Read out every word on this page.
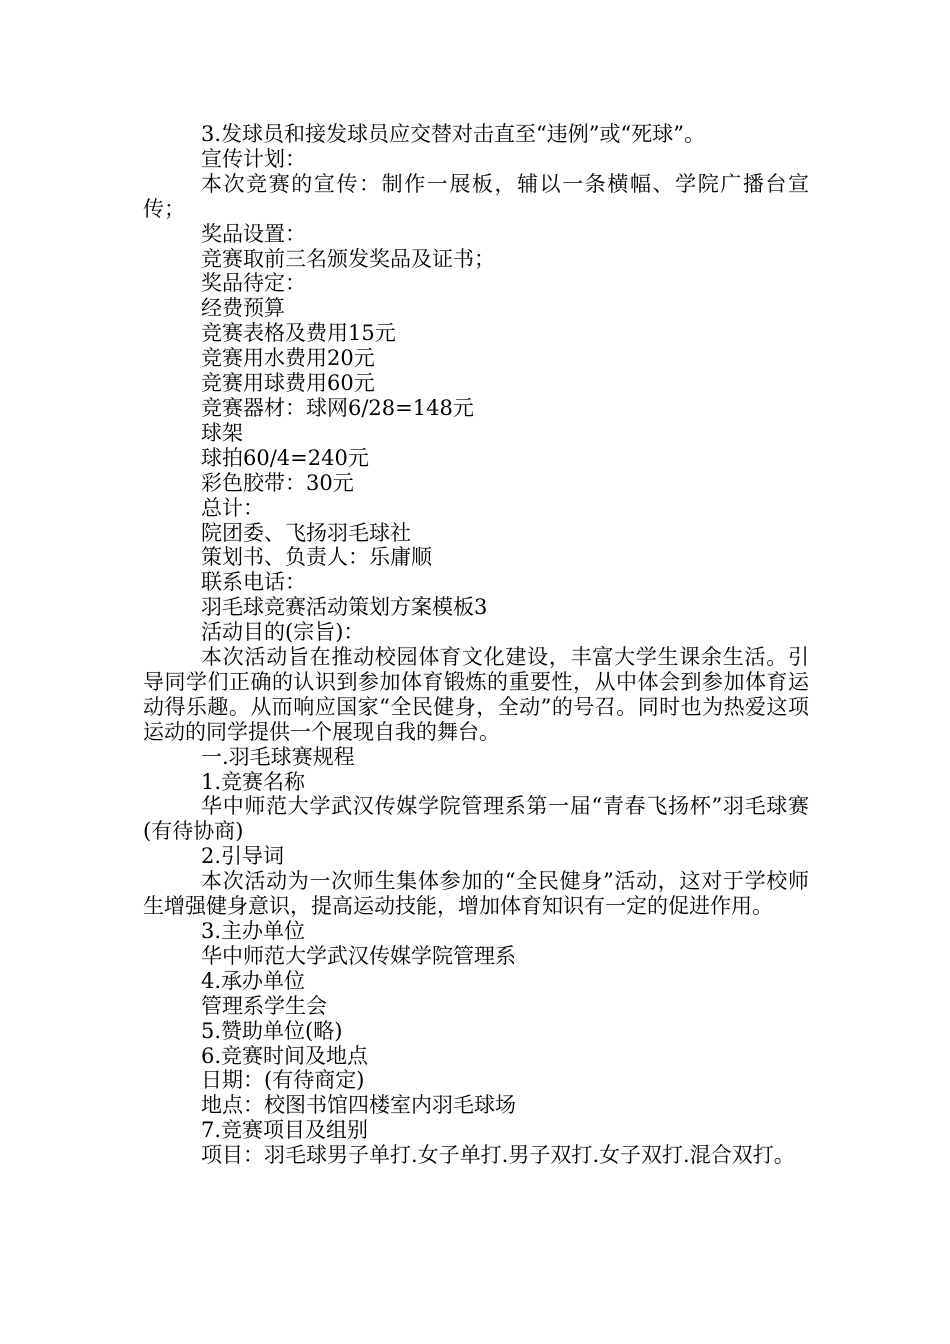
3.发球员和接发球员应交替对击直至“违例”或“死球”。

宣传计划：

本次竞赛的宣传：制作一展板，辅以一条横幅、学院广播台宣传；

奖品设置：

竞赛取前三名颁发奖品及证书；

奖品待定：

经费预算

竞赛表格及费用15元

竞赛用水费用20元

竞赛用球费用60元

竞赛器材：球网6/28=148元

球架

球拍60/4=240元

彩色胶带：30元

总计：

院团委、飞扬羽毛球社

策划书、负责人：乐庸顺

联系电话：

羽毛球竞赛活动策划方案模板3

活动目的(宗旨)：

本次活动旨在推动校园体育文化建设，丰富大学生课余生活。引导同学们正确的认识到参加体育锻炼的重要性，从中体会到参加体育运动得乐趣。从而响应国家“全民健身，全动”的号召。同时也为热爱这项运动的同学提供一个展现自我的舞台。

一.羽毛球赛规程

1.竞赛名称

华中师范大学武汉传媒学院管理系第一届“青春飞扬杯”羽毛球赛(有待协商)

2.引导词

本次活动为一次师生集体参加的“全民健身”活动，这对于学校师生增强健身意识，提高运动技能，增加体育知识有一定的促进作用。

3.主办单位

华中师范大学武汉传媒学院管理系

4.承办单位

管理系学生会

5.赞助单位(略)

6.竞赛时间及地点

日期：(有待商定)

地点：校图书馆四楼室内羽毛球场

7.竞赛项目及组别

项目：羽毛球男子单打.女子单打.男子双打.女子双打.混合双打。
